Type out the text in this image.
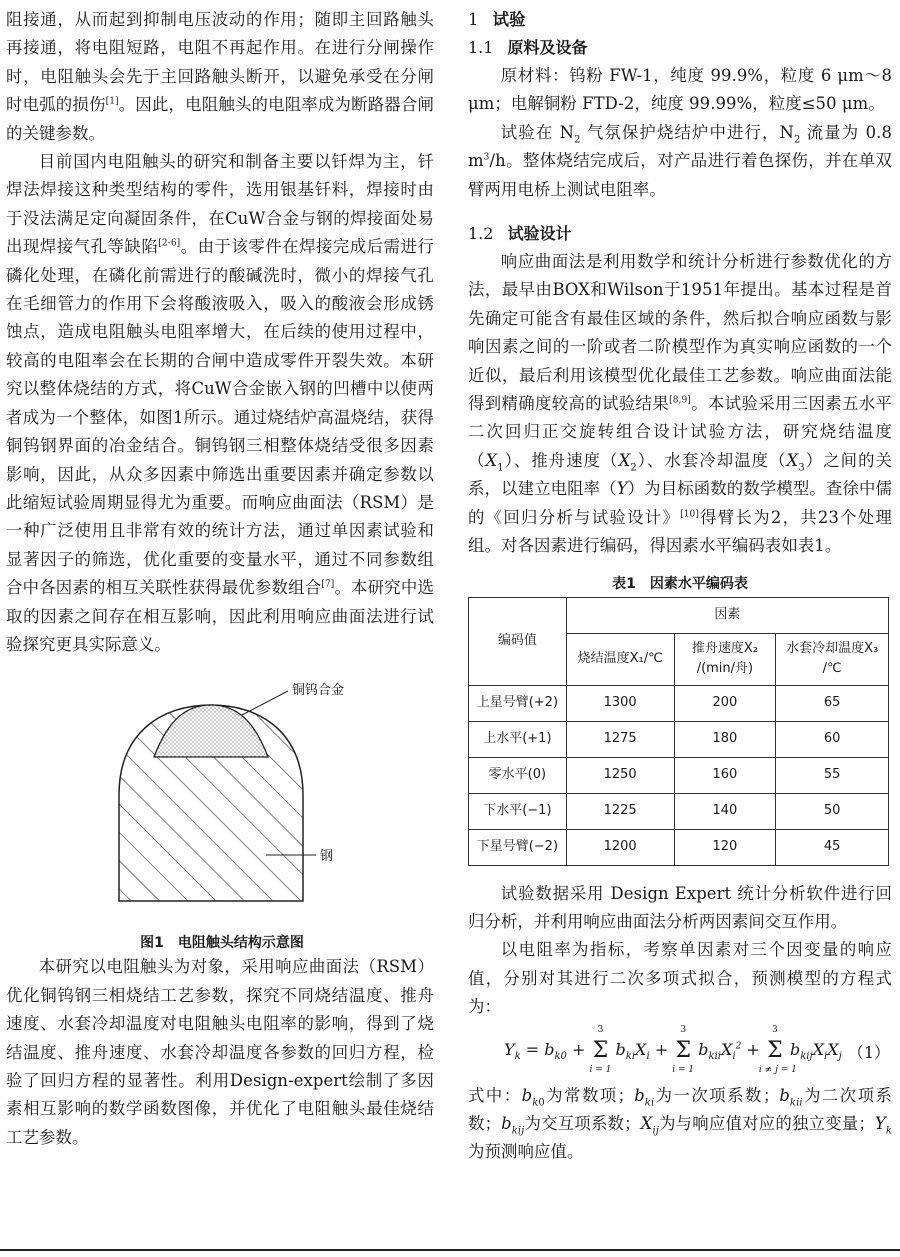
阻接通，从而起到抑制电压波动的作用；随即主回路触头再接通，将电阻短路，电阻不再起作用。在进行分闸操作时，电阻触头会先于主回路触头断开，以避免承受在分闸时电弧的损伤[1]。因此，电阻触头的电阻率成为断路器合闸的关键参数。

目前国内电阻触头的研究和制备主要以钎焊为主，钎焊法焊接这种类型结构的零件，选用银基钎料，焊接时由于没法满足定向凝固条件，在CuW合金与钢的焊接面处易出现焊接气孔等缺陷[2-6]。由于该零件在焊接完成后需进行磷化处理，在磷化前需进行的酸碱洗时，微小的焊接气孔在毛细管力的作用下会将酸液吸入，吸入的酸液会形成锈蚀点，造成电阻触头电阻率增大，在后续的使用过程中，较高的电阻率会在长期的合闸中造成零件开裂失效。本研究以整体烧结的方式，将CuW合金嵌入钢的凹槽中以使两者成为一个整体，如图1所示。通过烧结炉高温烧结，获得铜钨钢界面的冶金结合。铜钨钢三相整体烧结受很多因素影响，因此，从众多因素中筛选出重要因素并确定参数以此缩短试验周期显得尤为重要。而响应曲面法（RSM）是一种广泛使用且非常有效的统计方法，通过单因素试验和显著因子的筛选，优化重要的变量水平，通过不同参数组合中各因素的相互关联性获得最优参数组合[7]。本研究中选取的因素之间存在相互影响，因此利用响应曲面法进行试验探究更具实际意义。

铜钨合金
钢
图1 电阻触头结构示意图

本研究以电阻触头为对象，采用响应曲面法（RSM）优化铜钨钢三相烧结工艺参数，探究不同烧结温度、推舟速度、水套冷却温度对电阻触头电阻率的影响，得到了烧结温度、推舟速度、水套冷却温度各参数的回归方程，检验了回归方程的显著性。利用Design-expert绘制了多因素相互影响的数学函数图像，并优化了电阻触头最佳烧结工艺参数。

1 试验
1.1 原料及设备

原材料：钨粉 FW-1，纯度 99.9%，粒度 6 μm～8 μm；电解铜粉 FTD-2，纯度 99.99%，粒度≤50 μm。

试验在 $N_2$ 气氛保护烧结炉中进行，$N_2$ 流量为 0.8 $m^3/h$。整体烧结完成后，对产品进行着色探伤，并在单双臂两用电桥上测试电阻率。

1.2 试验设计

响应曲面法是利用数学和统计分析进行参数优化的方法，最早由BOX和Wilson于1951年提出。基本过程是首先确定可能含有最佳区域的条件，然后拟合响应函数与影响因素之间的一阶或者二阶模型作为真实响应函数的一个近似，最后利用该模型优化最佳工艺参数。响应曲面法能得到精确度较高的试验结果[8,9]。本试验采用三因素五水平二次回归正交旋转组合设计试验方法，研究烧结温度$(X_1)$、推舟速度$(X_2)$、水套冷却温度$(X_3)$之间的关系，以建立电阻率（Y）为目标函数的数学模型。查徐中儒的《回归分析与试验设计》[10]得臂长为2，共23个处理组。对各因素进行编码，得因素水平编码表如表1。

表1 因素水平编码表
编码值	因素		
	烧结温度X₁/℃	推舟速度X₂
/(min/舟)	水套冷却温度X₃
/℃
上星号臂(+2)	1300	200	65
上水平(+1)	1275	180	60
零水平(0)	1250	160	55
下水平(−1)	1225	140	50
下星号臂(−2)	1200	120	45

试验数据采用 Design Expert 统计分析软件进行回归分析，并利用响应曲面法分析两因素间交互作用。

以电阻率为指标，考察单因素对三个因变量的响应值，分别对其进行二次多项式拟合，预测模型的方程式为：

$Y_k = b_{k0}$ +
3
Σ
i = 1
$b_{ki}X_i$ +
3
Σ
i = 1
$b_{kii}X_i^2$ +
3
Σ
i ≠ j = 1
$b_{kij}X_iX_j$ （1）

式中：$b_{k0}$为常数项；$b_{ki}$为一次项系数；$b_{kii}$为二次项系数；$b_{kij}$为交互项系数；$X_{ij}$为与响应值对应的独立变量；$Y_k$为预测响应值。
